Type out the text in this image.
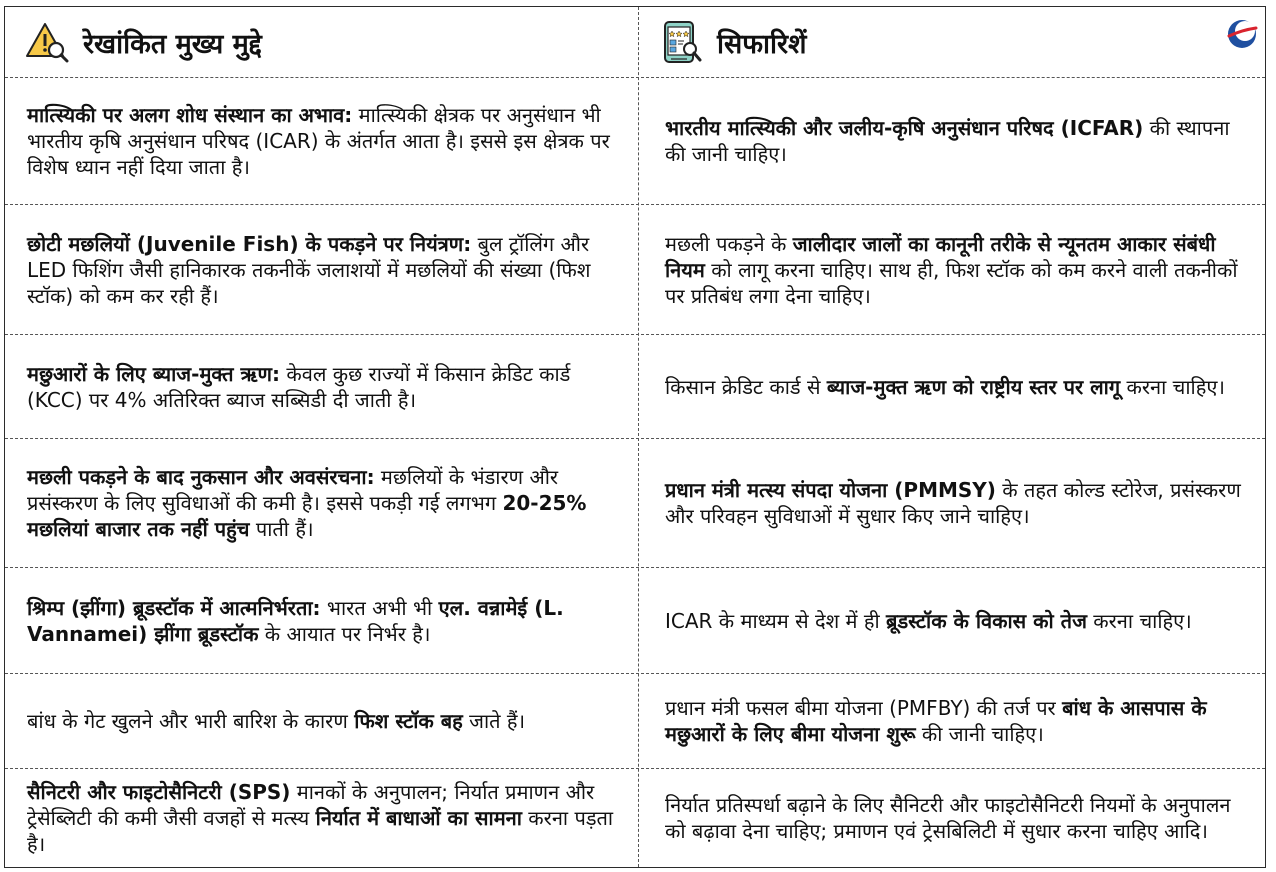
रेखांकित मुख्य मुद्दे	सिफारिशें

मात्स्यिकी पर अलग शोध संस्थान का अभाव: मात्स्यिकी क्षेत्रक पर अनुसंधान भी भारतीय कृषि अनुसंधान परिषद (ICAR) के अंतर्गत आता है। इससे इस क्षेत्रक पर विशेष ध्यान नहीं दिया जाता है।

भारतीय मात्स्यिकी और जलीय-कृषि अनुसंधान परिषद (ICFAR) की स्थापना की जानी चाहिए।

छोटी मछलियों (Juvenile Fish) के पकड़ने पर नियंत्रण: बुल ट्रॉलिंग और LED फिशिंग जैसी हानिकारक तकनीकें जलाशयों में मछलियों की संख्या (फिश स्टॉक) को कम कर रही हैं।

मछली पकड़ने के जालीदार जालों का कानूनी तरीके से न्यूनतम आकार संबंधी नियम को लागू करना चाहिए। साथ ही, फिश स्टॉक को कम करने वाली तकनीकों पर प्रतिबंध लगा देना चाहिए।

मछुआरों के लिए ब्याज-मुक्त ऋण: केवल कुछ राज्यों में किसान क्रेडिट कार्ड (KCC) पर 4% अतिरिक्त ब्याज सब्सिडी दी जाती है।

किसान क्रेडिट कार्ड से ब्याज-मुक्त ऋण को राष्ट्रीय स्तर पर लागू करना चाहिए।

मछली पकड़ने के बाद नुकसान और अवसंरचना: मछलियों के भंडारण और प्रसंस्करण के लिए सुविधाओं की कमी है। इससे पकड़ी गई लगभग 20-25% मछलियां बाजार तक नहीं पहुंच पाती हैं।

प्रधान मंत्री मत्स्य संपदा योजना (PMMSY) के तहत कोल्ड स्टोरेज, प्रसंस्करण और परिवहन सुविधाओं में सुधार किए जाने चाहिए।

श्रिम्प (झींगा) ब्रूडस्टॉक में आत्मनिर्भरता: भारत अभी भी एल. वन्नामेई (L. Vannamei) झींगा ब्रूडस्टॉक के आयात पर निर्भर है।

ICAR के माध्यम से देश में ही ब्रूडस्टॉक के विकास को तेज करना चाहिए।

बांध के गेट खुलने और भारी बारिश के कारण फिश स्टॉक बह जाते हैं।

प्रधान मंत्री फसल बीमा योजना (PMFBY) की तर्ज पर बांध के आसपास के मछुआरों के लिए बीमा योजना शुरू की जानी चाहिए।

सैनिटरी और फाइटोसैनिटरी (SPS) मानकों के अनुपालन; निर्यात प्रमाणन और ट्रेसेब्लिटी की कमी जैसी वजहों से मत्स्य निर्यात में बाधाओं का सामना करना पड़ता है।

निर्यात प्रतिस्पर्धा बढ़ाने के लिए सैनिटरी और फाइटोसैनिटरी नियमों के अनुपालन को बढ़ावा देना चाहिए; प्रमाणन एवं ट्रेसबिलिटी में सुधार करना चाहिए आदि।
